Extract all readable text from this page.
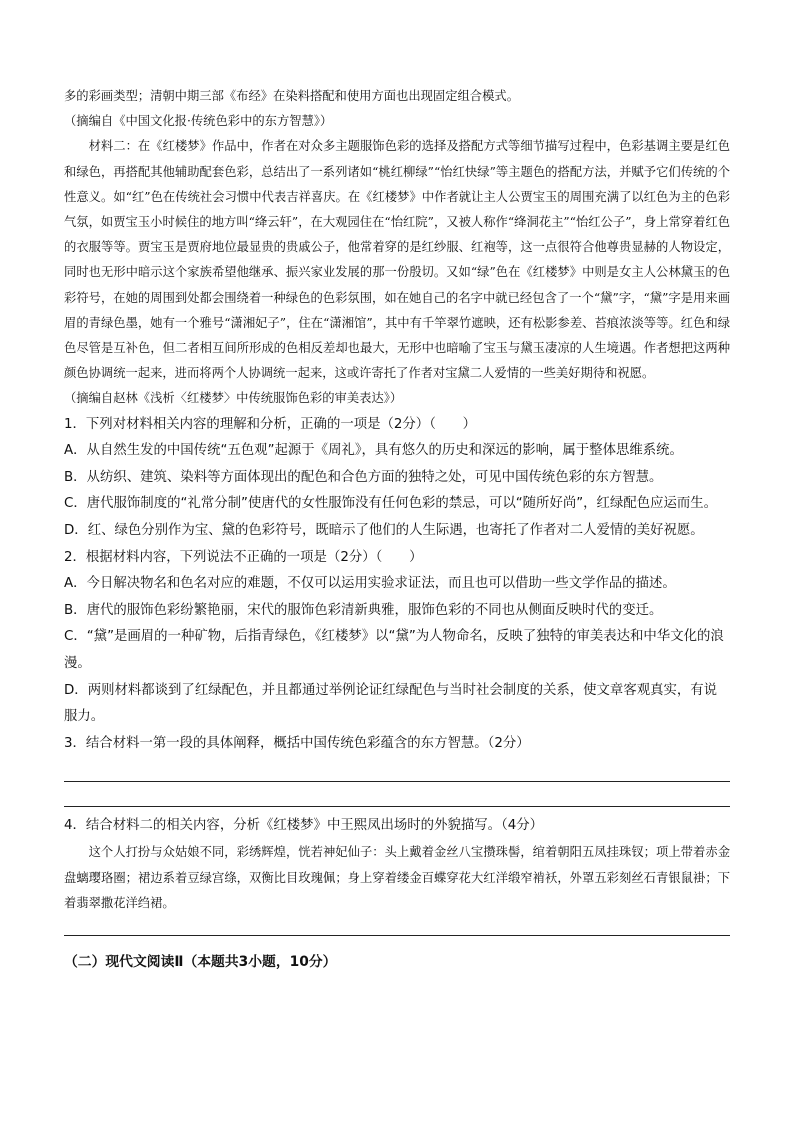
多的彩画类型；清朝中期三部《布经》在染料搭配和使用方面也出现固定组合模式。

（摘编自《中国文化报·传统色彩中的东方智慧》）

材料二：在《红楼梦》作品中，作者在对众多主题服饰色彩的选择及搭配方式等细节描写过程中，色彩基调主要是红色和绿色，再搭配其他辅助配套色彩，总结出了一系列诸如“桃红柳绿”“怡红快绿”等主题色的搭配方法，并赋予它们传统的个性意义。如“红”色在传统社会习惯中代表吉祥喜庆。在《红楼梦》中作者就让主人公贾宝玉的周围充满了以红色为主的色彩气氛，如贾宝玉小时候住的地方叫“绛云轩”，在大观园住在“怡红院”，又被人称作“绛洞花主”“怡红公子”，身上常穿着红色的衣服等等。贾宝玉是贾府地位最显贵的贵戚公子，他常着穿的是红纱服、红袍等，这一点很符合他尊贵显赫的人物设定，同时也无形中暗示这个家族希望他继承、振兴家业发展的那一份殷切。又如“绿”色在《红楼梦》中则是女主人公林黛玉的色彩符号，在她的周围到处都会围绕着一种绿色的色彩氛围，如在她自己的名字中就已经包含了一个“黛”字，“黛”字是用来画眉的青绿色墨，她有一个雅号“潇湘妃子”，住在“潇湘馆”，其中有千竿翠竹遮映，还有松影参差、苔痕浓淡等等。红色和绿色尽管是互补色，但二者相互间所形成的色相反差却也最大，无形中也暗喻了宝玉与黛玉凄凉的人生境遇。作者想把这两种颜色协调统一起来，进而将两个人协调统一起来，这或许寄托了作者对宝黛二人爱情的一些美好期待和祝愿。

（摘编自赵林《浅析〈红楼梦〉中传统服饰色彩的审美表达》）

1．下列对材料相关内容的理解和分析，正确的一项是（2分）（　　）

A．从自然生发的中国传统“五色观”起源于《周礼》，具有悠久的历史和深远的影响，属于整体思维系统。

B．从纺织、建筑、染料等方面体现出的配色和合色方面的独特之处，可见中国传统色彩的东方智慧。

C．唐代服饰制度的“礼常分制”使唐代的女性服饰没有任何色彩的禁忌，可以“随所好尚”，红绿配色应运而生。

D．红、绿色分别作为宝、黛的色彩符号，既暗示了他们的人生际遇，也寄托了作者对二人爱情的美好祝愿。

2．根据材料内容，下列说法不正确的一项是（2分）（　　）

A．今日解决物名和色名对应的难题，不仅可以运用实验求证法，而且也可以借助一些文学作品的描述。

B．唐代的服饰色彩纷繁艳丽，宋代的服饰色彩清新典雅，服饰色彩的不同也从侧面反映时代的变迁。

C．“黛”是画眉的一种矿物，后指青绿色，《红楼梦》以“黛”为人物命名，反映了独特的审美表达和中华文化的浪漫。

D．两则材料都谈到了红绿配色，并且都通过举例论证红绿配色与当时社会制度的关系，使文章客观真实，有说服力。

3．结合材料一第一段的具体阐释，概括中国传统色彩蕴含的东方智慧。（2分）

4．结合材料二的相关内容，分析《红楼梦》中王熙凤出场时的外貌描写。（4分）

这个人打扮与众姑娘不同，彩绣辉煌，恍若神妃仙子：头上戴着金丝八宝攒珠髻，绾着朝阳五凤挂珠钗；项上带着赤金盘螭璎珞圈；裙边系着豆绿宫绦，双衡比目玫瑰佩；身上穿着缕金百蝶穿花大红洋缎窄褃袄，外罩五彩刻丝石青银鼠褂；下着翡翠撒花洋绉裙。

（二）现代文阅读Ⅱ（本题共3小题，10分）
